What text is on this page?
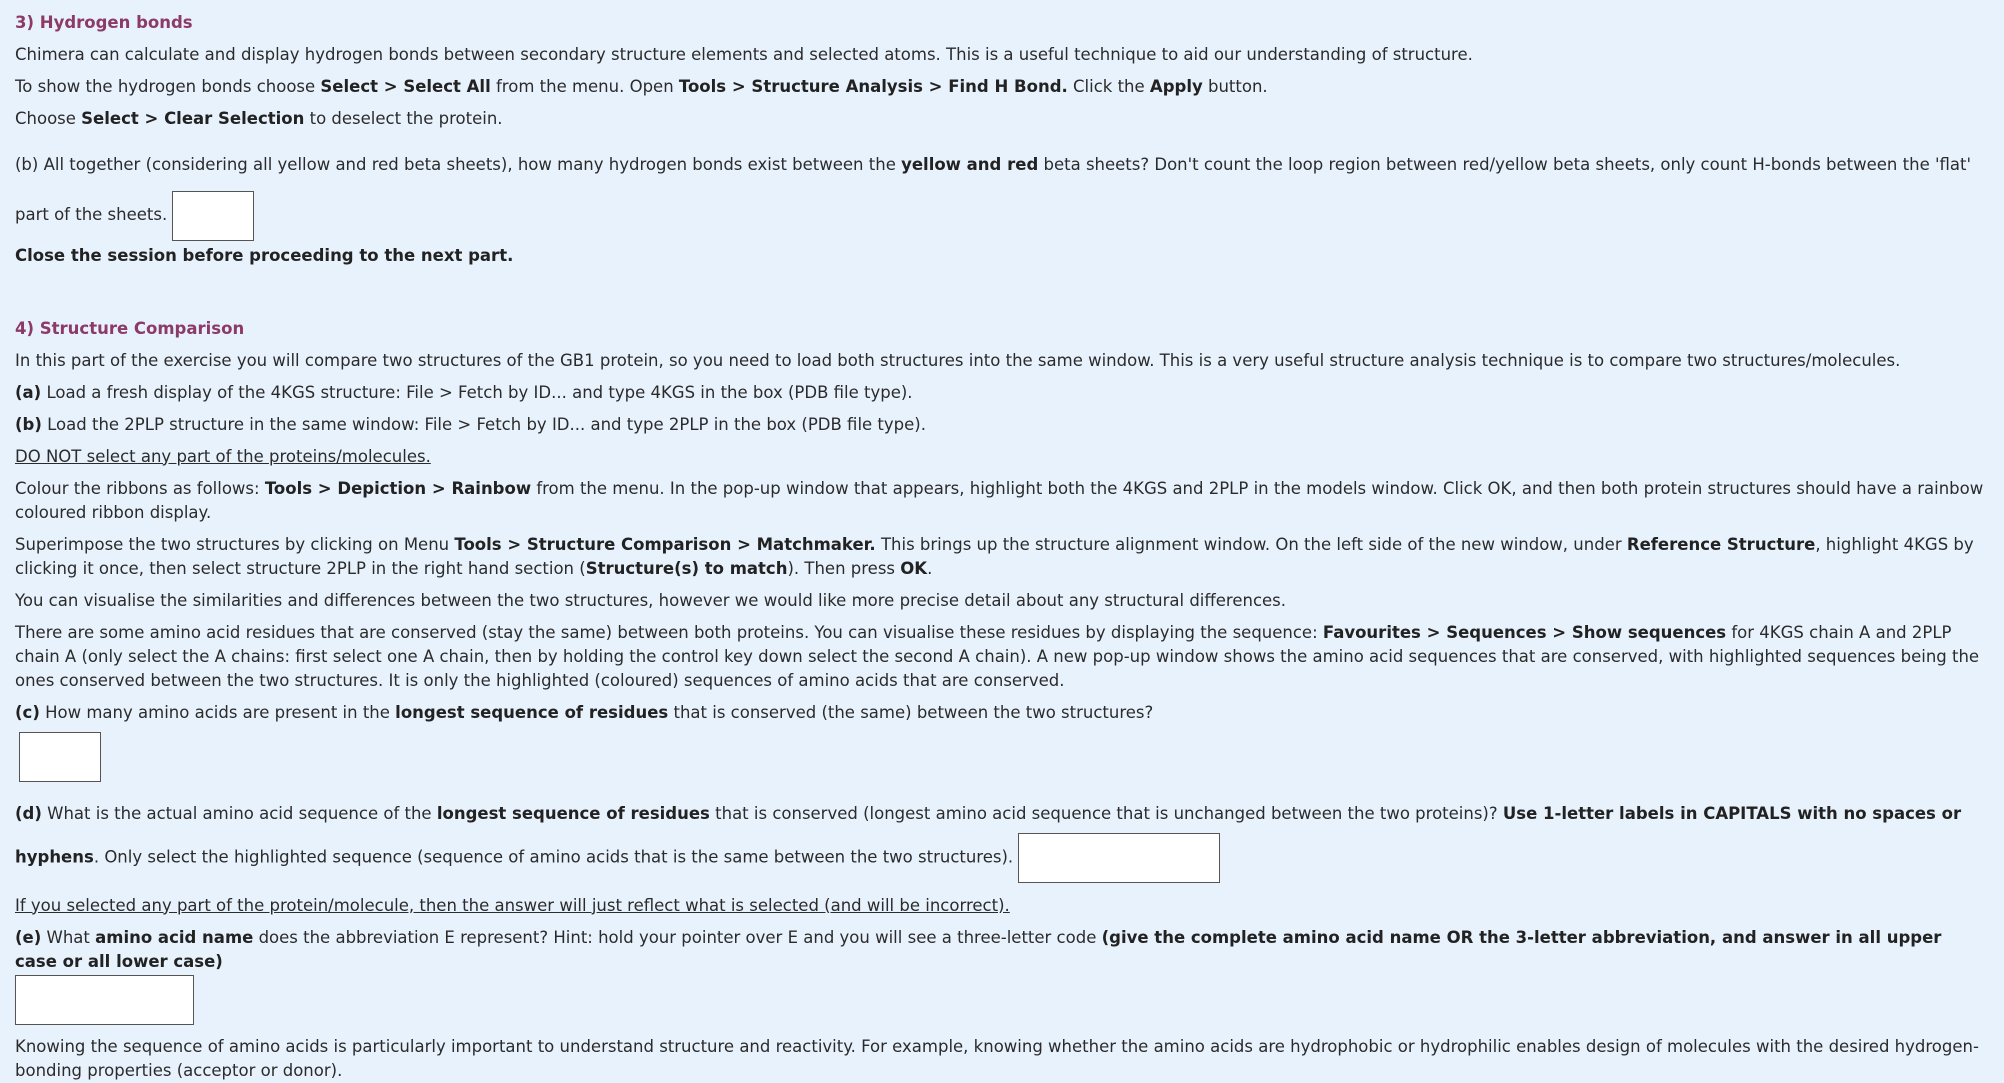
3) Hydrogen bonds

Chimera can calculate and display hydrogen bonds between secondary structure elements and selected atoms. This is a useful technique to aid our understanding of structure.

To show the hydrogen bonds choose Select > Select All from the menu. Open Tools > Structure Analysis > Find H Bond. Click the Apply button.

Choose Select > Clear Selection to deselect the protein.

(b) All together (considering all yellow and red beta sheets), how many hydrogen bonds exist between the yellow and red beta sheets? Don't count the loop region between red/yellow beta sheets, only count H-bonds between the 'flat' part of the sheets.

Close the session before proceeding to the next part.

4) Structure Comparison

In this part of the exercise you will compare two structures of the GB1 protein, so you need to load both structures into the same window. This is a very useful structure analysis technique is to compare two structures/molecules.

(a) Load a fresh display of the 4KGS structure: File > Fetch by ID... and type 4KGS in the box (PDB file type).

(b) Load the 2PLP structure in the same window: File > Fetch by ID... and type 2PLP in the box (PDB file type).

DO NOT select any part of the proteins/molecules.

Colour the ribbons as follows: Tools > Depiction > Rainbow from the menu. In the pop-up window that appears, highlight both the 4KGS and 2PLP in the models window. Click OK, and then both protein structures should have a rainbow coloured ribbon display.

Superimpose the two structures by clicking on Menu Tools > Structure Comparison > Matchmaker. This brings up the structure alignment window. On the left side of the new window, under Reference Structure, highlight 4KGS by clicking it once, then select structure 2PLP in the right hand section (Structure(s) to match). Then press OK.

You can visualise the similarities and differences between the two structures, however we would like more precise detail about any structural differences.

There are some amino acid residues that are conserved (stay the same) between both proteins. You can visualise these residues by displaying the sequence: Favourites > Sequences > Show sequences for 4KGS chain A and 2PLP chain A (only select the A chains: first select one A chain, then by holding the control key down select the second A chain). A new pop-up window shows the amino acid sequences that are conserved, with highlighted sequences being the ones conserved between the two structures. It is only the highlighted (coloured) sequences of amino acids that are conserved.

(c) How many amino acids are present in the longest sequence of residues that is conserved (the same) between the two structures?

(d) What is the actual amino acid sequence of the longest sequence of residues that is conserved (longest amino acid sequence that is unchanged between the two proteins)? Use 1-letter labels in CAPITALS with no spaces or hyphens. Only select the highlighted sequence (sequence of amino acids that is the same between the two structures).

If you selected any part of the protein/molecule, then the answer will just reflect what is selected (and will be incorrect).

(e) What amino acid name does the abbreviation E represent? Hint: hold your pointer over E and you will see a three-letter code (give the complete amino acid name OR the 3-letter abbreviation, and answer in all upper case or all lower case)

Knowing the sequence of amino acids is particularly important to understand structure and reactivity. For example, knowing whether the amino acids are hydrophobic or hydrophilic enables design of molecules with the desired hydrogen-bonding properties (acceptor or donor).
